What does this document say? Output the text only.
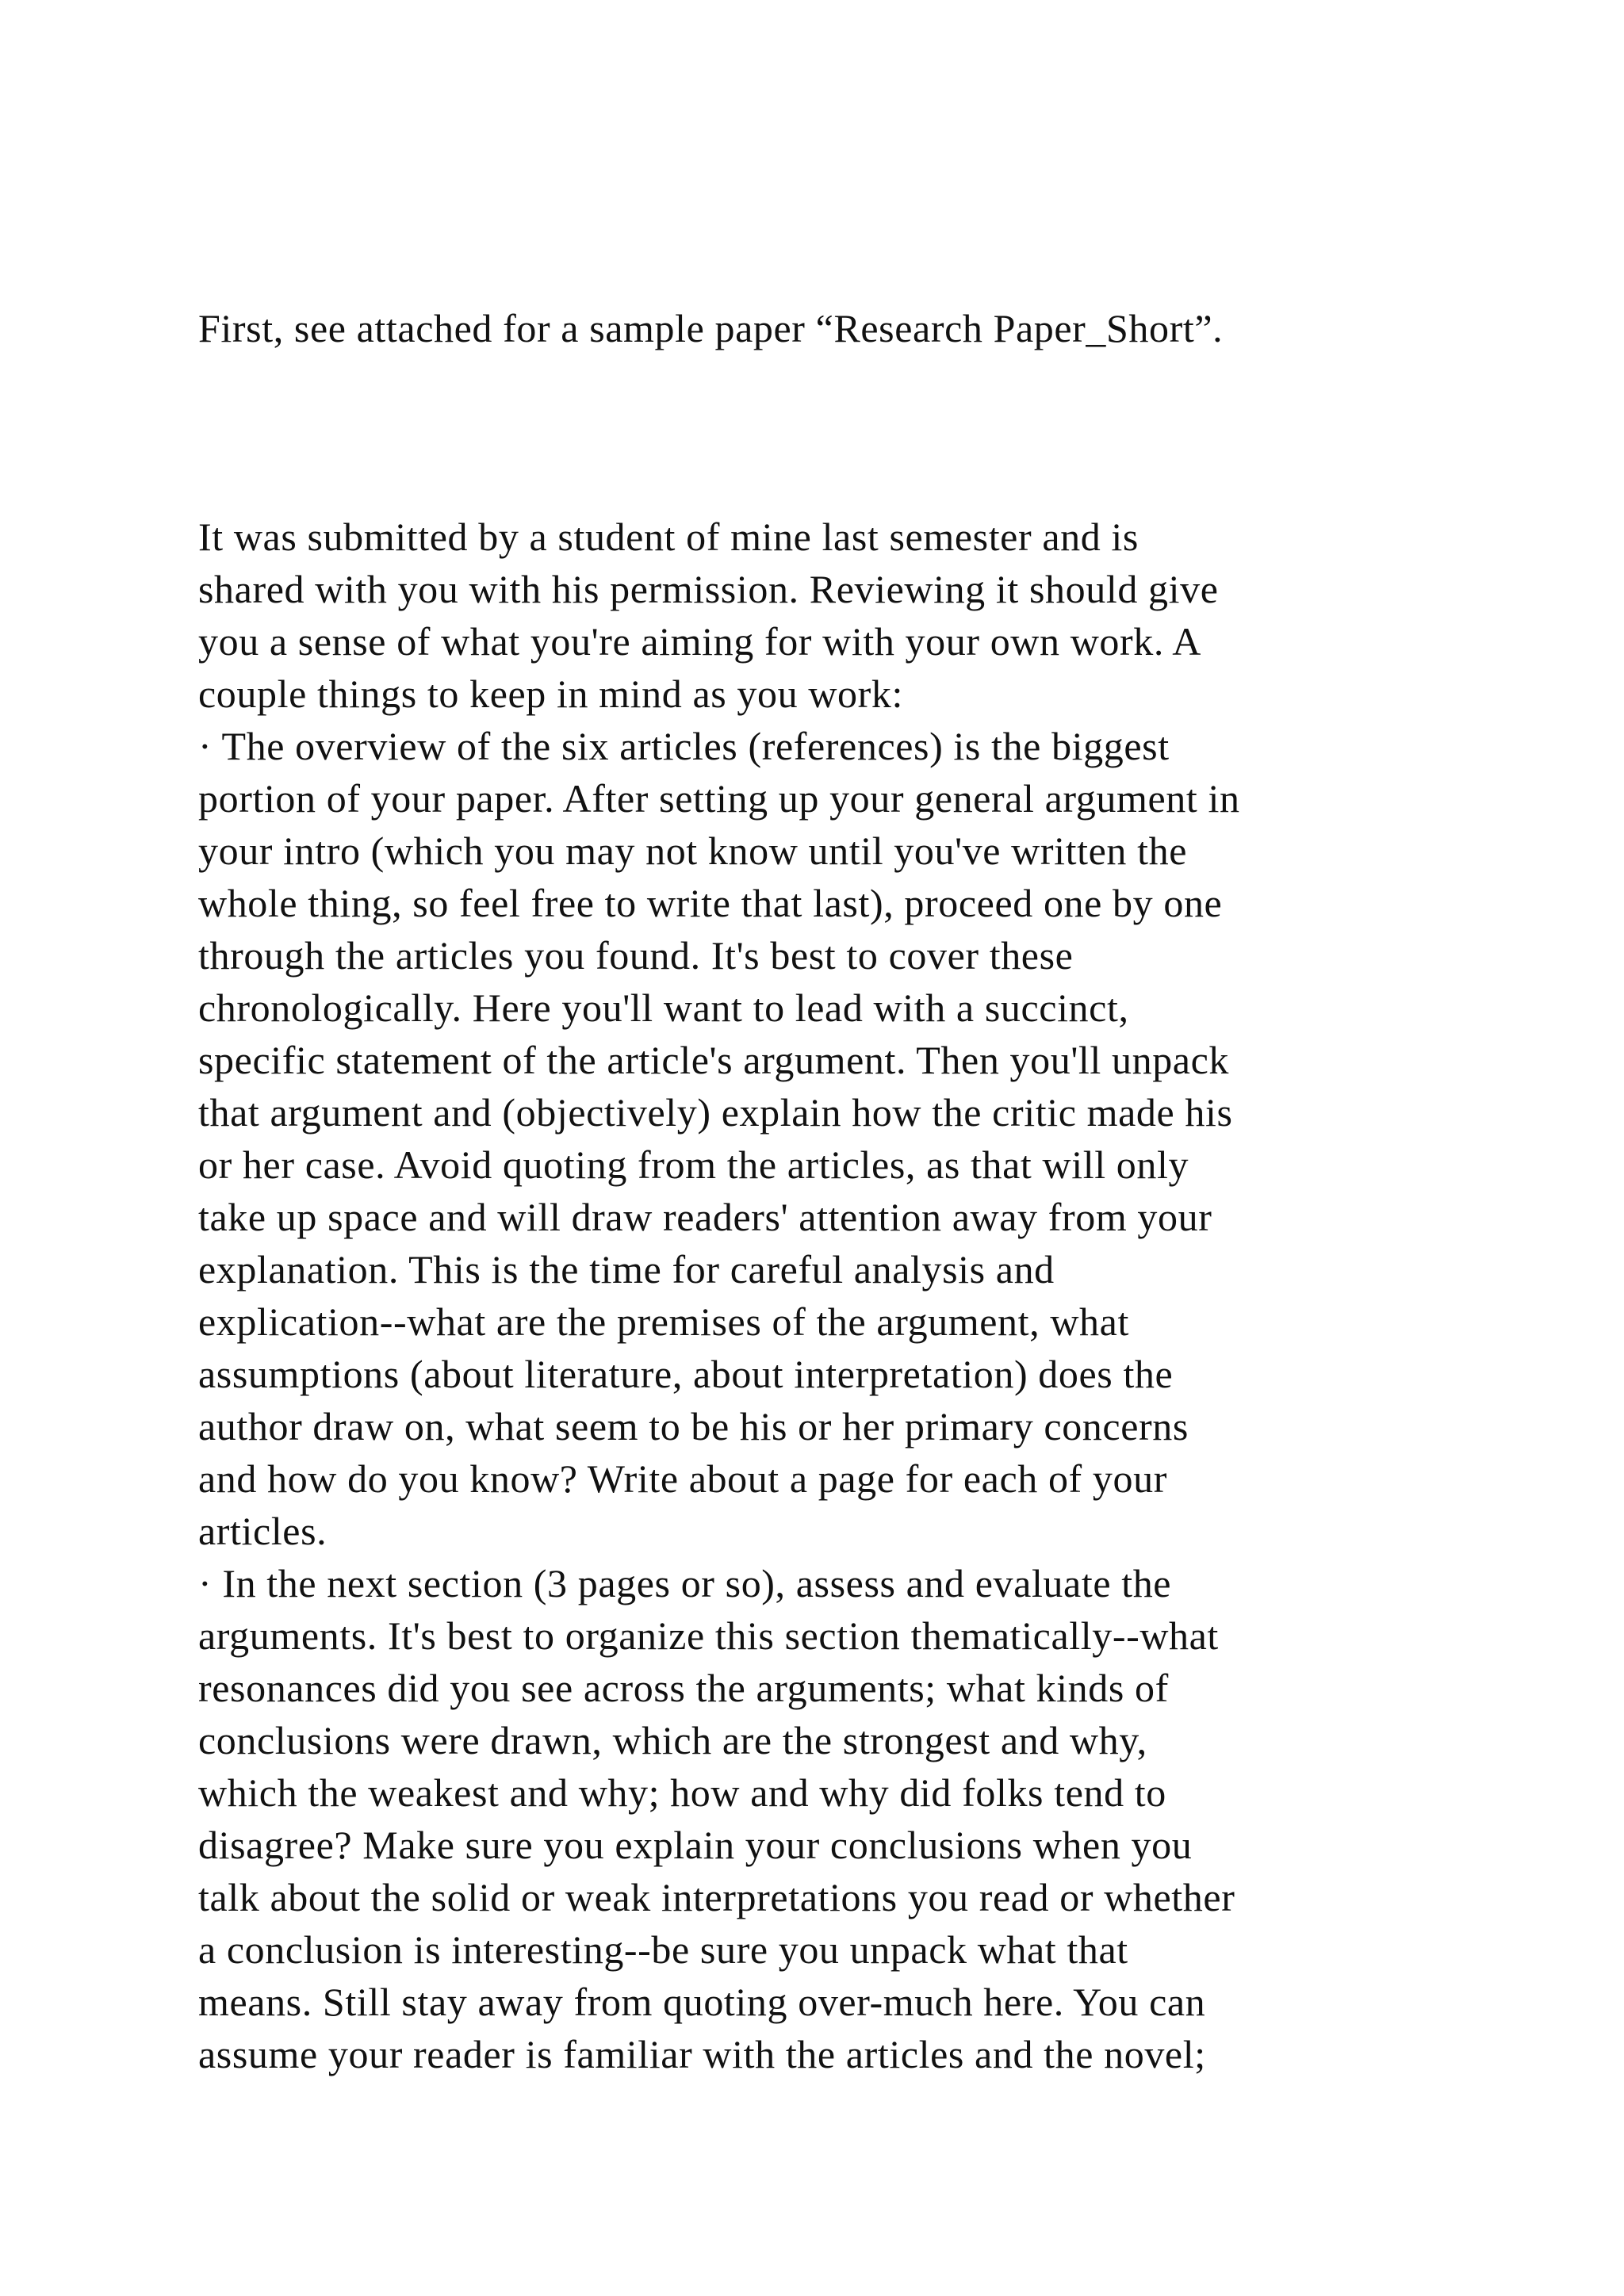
First, see attached for a sample paper “Research Paper_Short”.

It was submitted by a student of mine last semester and is

shared with you with his permission. Reviewing it should give

you a sense of what you're aiming for with your own work. A

couple things to keep in mind as you work:

· The overview of the six articles (references) is the biggest

portion of your paper. After setting up your general argument in

your intro (which you may not know until you've written the

whole thing, so feel free to write that last), proceed one by one

through the articles you found. It's best to cover these

chronologically. Here you'll want to lead with a succinct,

specific statement of the article's argument. Then you'll unpack

that argument and (objectively) explain how the critic made his

or her case. Avoid quoting from the articles, as that will only

take up space and will draw readers' attention away from your

explanation. This is the time for careful analysis and

explication--what are the premises of the argument, what

assumptions (about literature, about interpretation) does the

author draw on, what seem to be his or her primary concerns

and how do you know? Write about a page for each of your

articles.

· In the next section (3 pages or so), assess and evaluate the

arguments. It's best to organize this section thematically--what

resonances did you see across the arguments; what kinds of

conclusions were drawn, which are the strongest and why,

which the weakest and why; how and why did folks tend to

disagree? Make sure you explain your conclusions when you

talk about the solid or weak interpretations you read or whether

a conclusion is interesting--be sure you unpack what that

means. Still stay away from quoting over-much here. You can

assume your reader is familiar with the articles and the novel;
